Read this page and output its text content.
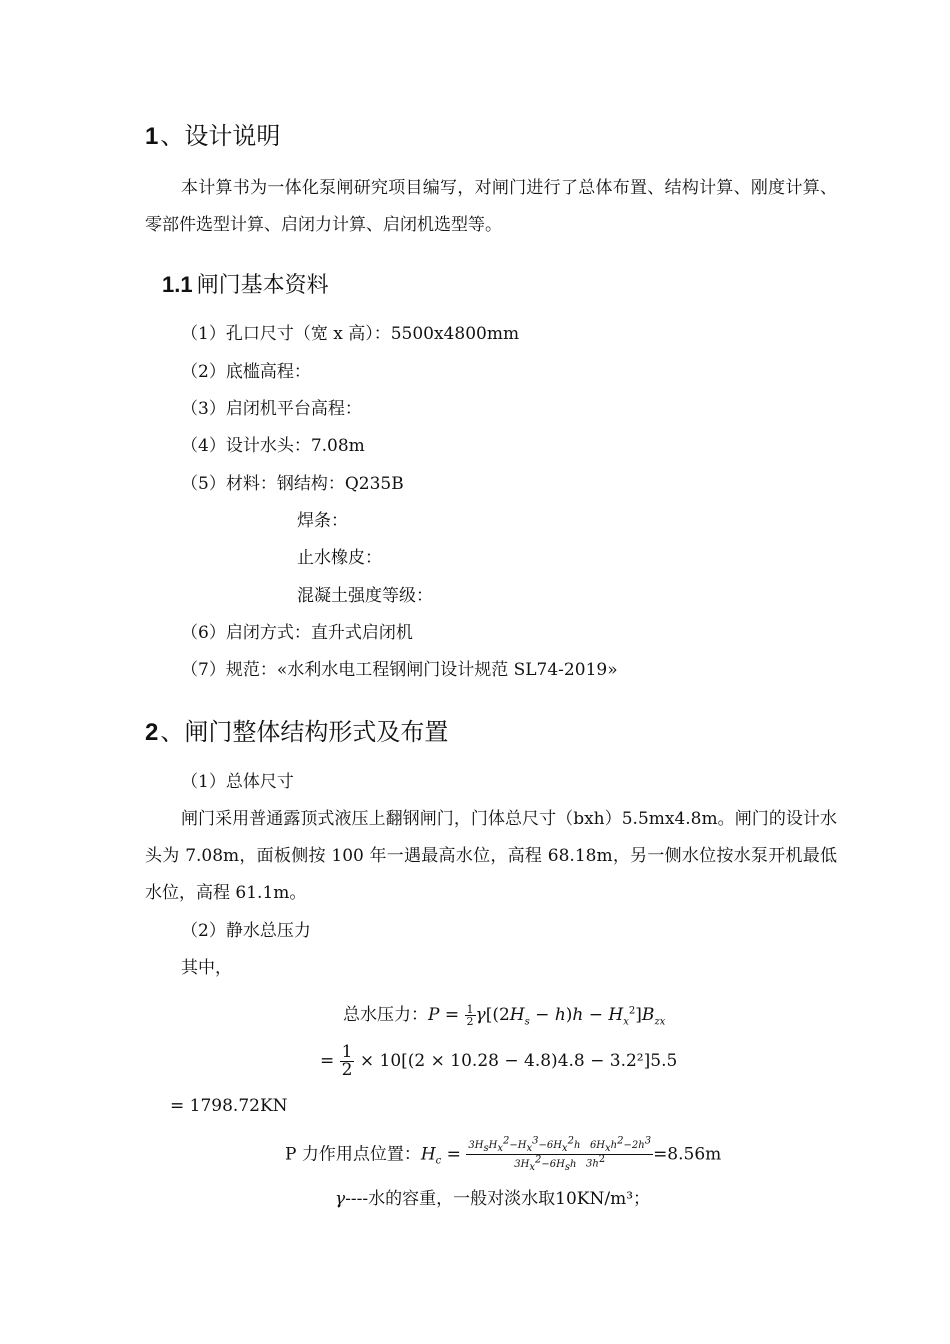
1、设计说明
本计算书为一体化泵闸研究项目编写，对闸门进行了总体布置、结构计算、刚度计算、零部件选型计算、启闭力计算、启闭机选型等。
1.1 闸门基本资料
（1）孔口尺寸（宽 x 高）：5500x4800mm
（2）底槛高程：
（3）启闭机平台高程：
（4）设计水头：7.08m
（5）材料：钢结构：Q235B
焊条：
止水橡皮：
混凝土强度等级：
（6）启闭方式：直升式启闭机
（7）规范：«水利水电工程钢闸门设计规范 SL74-2019»
2、闸门整体结构形式及布置
（1）总体尺寸
闸门采用普通露顶式液压上翻钢闸门，门体总尺寸（bxh）5.5mx4.8m。闸门的设计水头为 7.08m，面板侧按 100 年一遇最高水位，高程 68.18m，另一侧水位按水泵开机最低水位，高程 61.1m。
（2）静水总压力
其中，
总水压力：$P = \frac{1}{2} \gamma[(2H_s - h)h - H_x^2]B_{zx}$
= $\frac{1}{2} \times 10[(2 \times 10.28 - 4.8)4.8 - 3.2^2]5.5$
= 1798.72KN
P 力作用点位置：$H_c = \frac{3H_sH_x^2-H_x^3-6H_x^2h 6H_xh^2-2h^3}{3H_x^2-6H_sh 3h^2} =8.56m$
γ----水的容重，一般对淡水取10KN/m³；
